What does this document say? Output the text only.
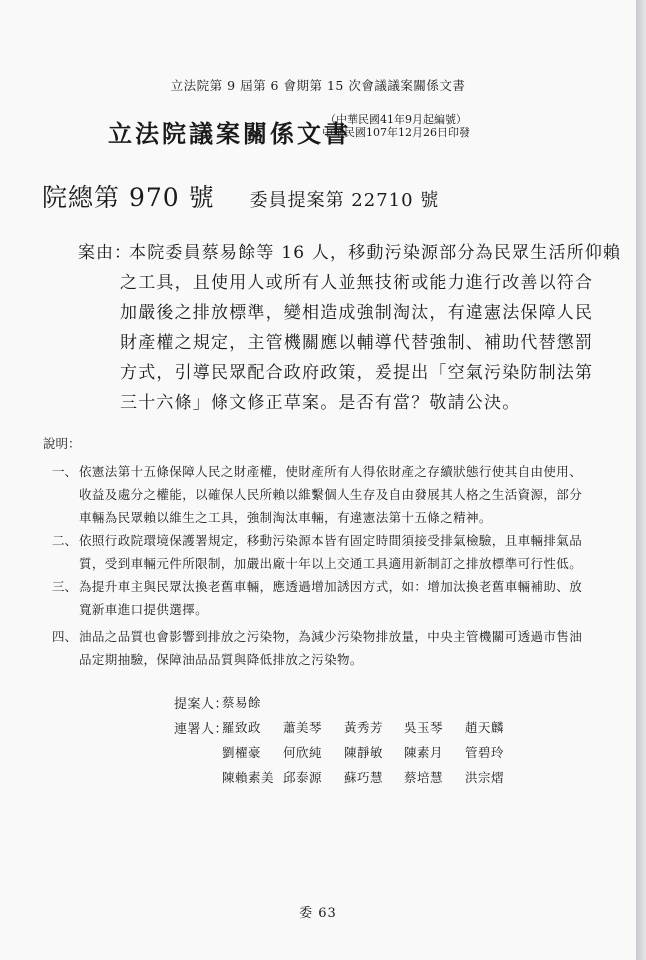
立法院第 9 屆第 6 會期第 15 次會議議案關係文書
立法院議案關係文書
（中華民國41年9月起編號）
中華民國107年12月26日印發
院總第 970 號 委員提案第 22710 號
案由：
本院委員蔡易餘等 16 人，移動污染源部分為民眾生活所仰賴
之工具，且使用人或所有人並無技術或能力進行改善以符合
加嚴後之排放標準，變相造成強制淘汰，有違憲法保障人民
財產權之規定，主管機關應以輔導代替強制、補助代替懲罰
方式，引導民眾配合政府政策，爰提出「空氣污染防制法第
三十六條」條文修正草案。是否有當？敬請公決。
說明：
一、 依憲法第十五條保障人民之財產權，使財產所有人得依財產之存續狀態行使其自由使用、
收益及處分之權能，以確保人民所賴以維繫個人生存及自由發展其人格之生活資源，部分
車輛為民眾賴以維生之工具，強制淘汰車輛，有違憲法第十五條之精神。
二、 依照行政院環境保護署規定，移動污染源本皆有固定時間須接受排氣檢驗，且車輛排氣品
質，受到車輛元件所限制，加嚴出廠十年以上交通工具適用新制訂之排放標準可行性低。
三、 為提升車主與民眾汰換老舊車輛，應透過增加誘因方式，如：增加汰換老舊車輛補助、放
寬新車進口提供選擇。
四、 油品之品質也會影響到排放之污染物，為減少污染物排放量，中央主管機關可透過市售油
品定期抽驗，保障油品品質與降低排放之污染物。
提案人：
蔡易餘
連署人：
羅致政 蕭美琴 黃秀芳 吳玉琴 趙天麟
劉櫂豪 何欣純 陳靜敏 陳素月 管碧玲
陳賴素美 邱泰源 蘇巧慧 蔡培慧 洪宗熠
委 63
